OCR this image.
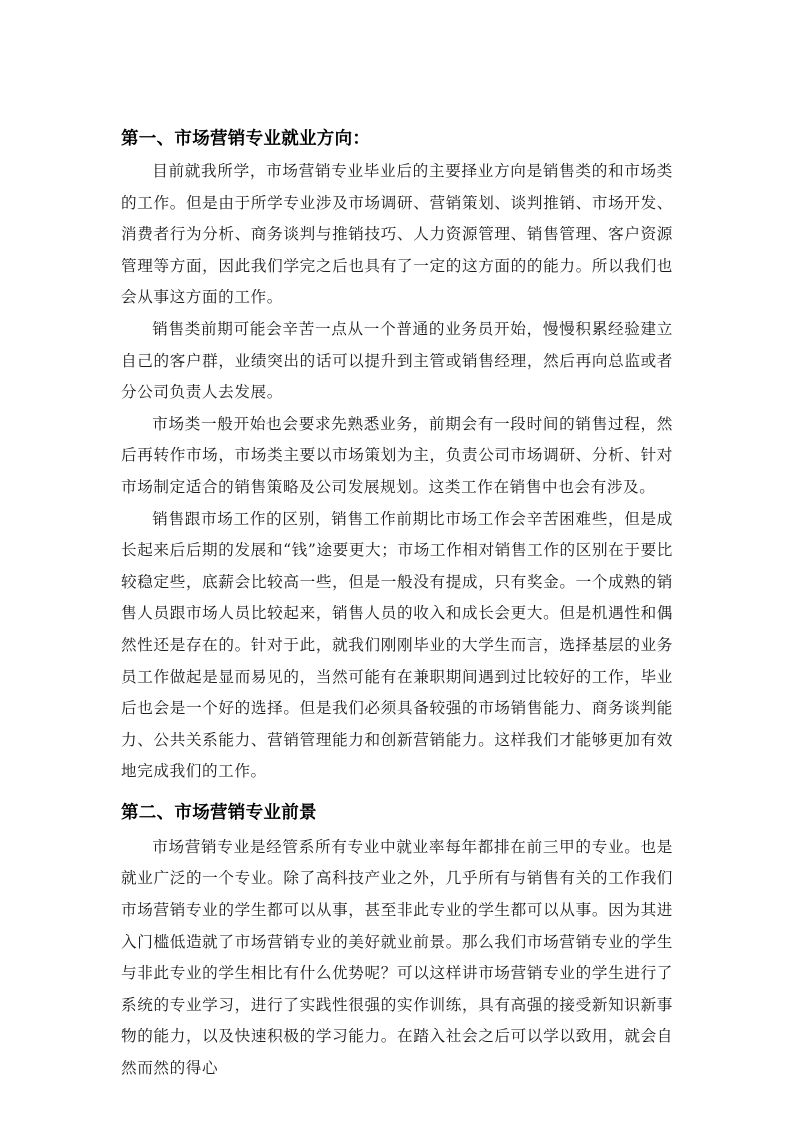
第一、市场营销专业就业方向：

目前就我所学，市场营销专业毕业后的主要择业方向是销售类的和市场类的工作。但是由于所学专业涉及市场调研、营销策划、谈判推销、市场开发、消费者行为分析、商务谈判与推销技巧、人力资源管理、销售管理、客户资源管理等方面，因此我们学完之后也具有了一定的这方面的的能力。所以我们也会从事这方面的工作。

销售类前期可能会辛苦一点从一个普通的业务员开始，慢慢积累经验建立自己的客户群，业绩突出的话可以提升到主管或销售经理，然后再向总监或者分公司负责人去发展。

市场类一般开始也会要求先熟悉业务，前期会有一段时间的销售过程，然后再转作市场，市场类主要以市场策划为主，负责公司市场调研、分析、针对市场制定适合的销售策略及公司发展规划。这类工作在销售中也会有涉及。

销售跟市场工作的区别，销售工作前期比市场工作会辛苦困难些，但是成长起来后后期的发展和“钱”途要更大；市场工作相对销售工作的区别在于要比较稳定些，底薪会比较高一些，但是一般没有提成，只有奖金。一个成熟的销售人员跟市场人员比较起来，销售人员的收入和成长会更大。但是机遇性和偶然性还是存在的。针对于此，就我们刚刚毕业的大学生而言，选择基层的业务员工作做起是显而易见的，当然可能有在兼职期间遇到过比较好的工作，毕业后也会是一个好的选择。但是我们必须具备较强的市场销售能力、商务谈判能力、公共关系能力、营销管理能力和创新营销能力。这样我们才能够更加有效地完成我们的工作。

第二、市场营销专业前景

市场营销专业是经管系所有专业中就业率每年都排在前三甲的专业。也是就业广泛的一个专业。除了高科技产业之外，几乎所有与销售有关的工作我们市场营销专业的学生都可以从事，甚至非此专业的学生都可以从事。因为其进入门槛低造就了市场营销专业的美好就业前景。那么我们市场营销专业的学生与非此专业的学生相比有什么优势呢？可以这样讲市场营销专业的学生进行了系统的专业学习，进行了实践性很强的实作训练，具有高强的接受新知识新事物的能力，以及快速积极的学习能力。在踏入社会之后可以学以致用，就会自然而然的得心
